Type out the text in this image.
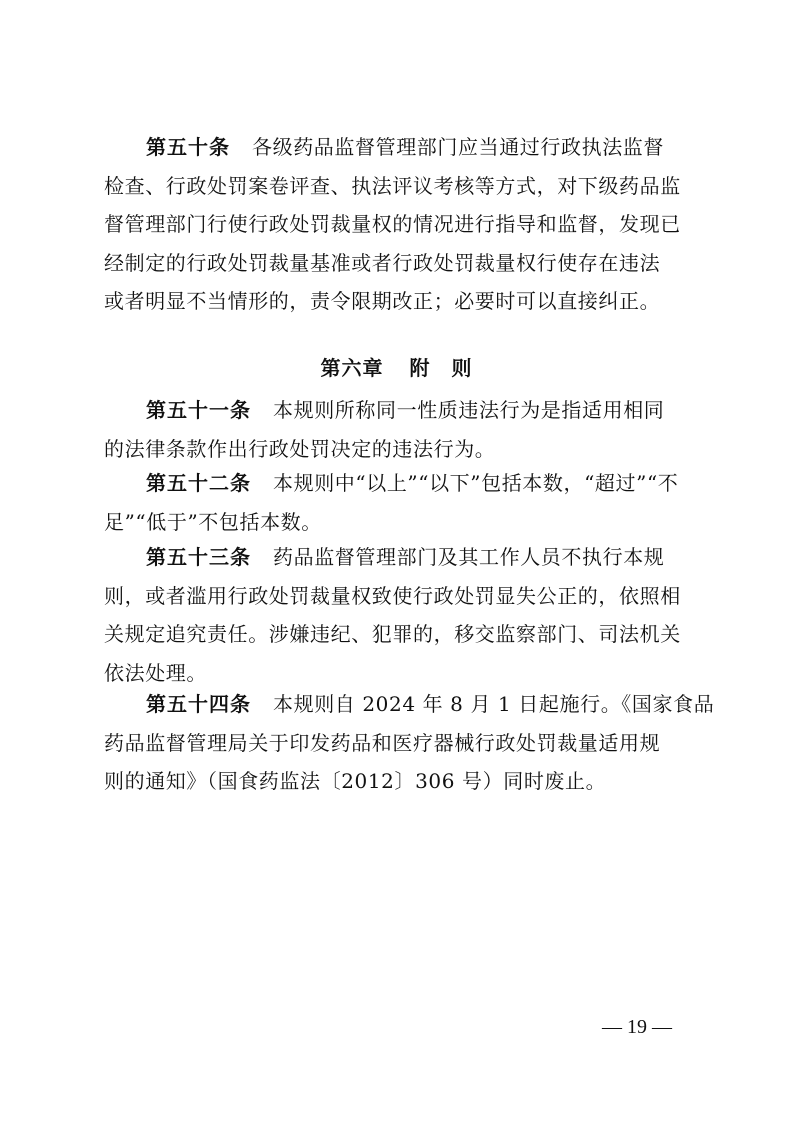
第五十条 各级药品监督管理部门应当通过行政执法监督
检查、行政处罚案卷评查、执法评议考核等方式，对下级药品监
督管理部门行使行政处罚裁量权的情况进行指导和监督，发现已
经制定的行政处罚裁量基准或者行政处罚裁量权行使存在违法
或者明显不当情形的，责令限期改正；必要时可以直接纠正。
第六章 附　则
第五十一条 本规则所称同一性质违法行为是指适用相同
的法律条款作出行政处罚决定的违法行为。
第五十二条 本规则中“以上”“以下”包括本数，“超过”“不
足”“低于”不包括本数。
第五十三条 药品监督管理部门及其工作人员不执行本规
则，或者滥用行政处罚裁量权致使行政处罚显失公正的，依照相
关规定追究责任。涉嫌违纪、犯罪的，移交监察部门、司法机关
依法处理。
第五十四条 本规则自 2024 年 8 月 1 日起施行。《国家食品
药品监督管理局关于印发药品和医疗器械行政处罚裁量适用规
则的通知》（国食药监法〔2012〕306 号）同时废止。
— 19 —
